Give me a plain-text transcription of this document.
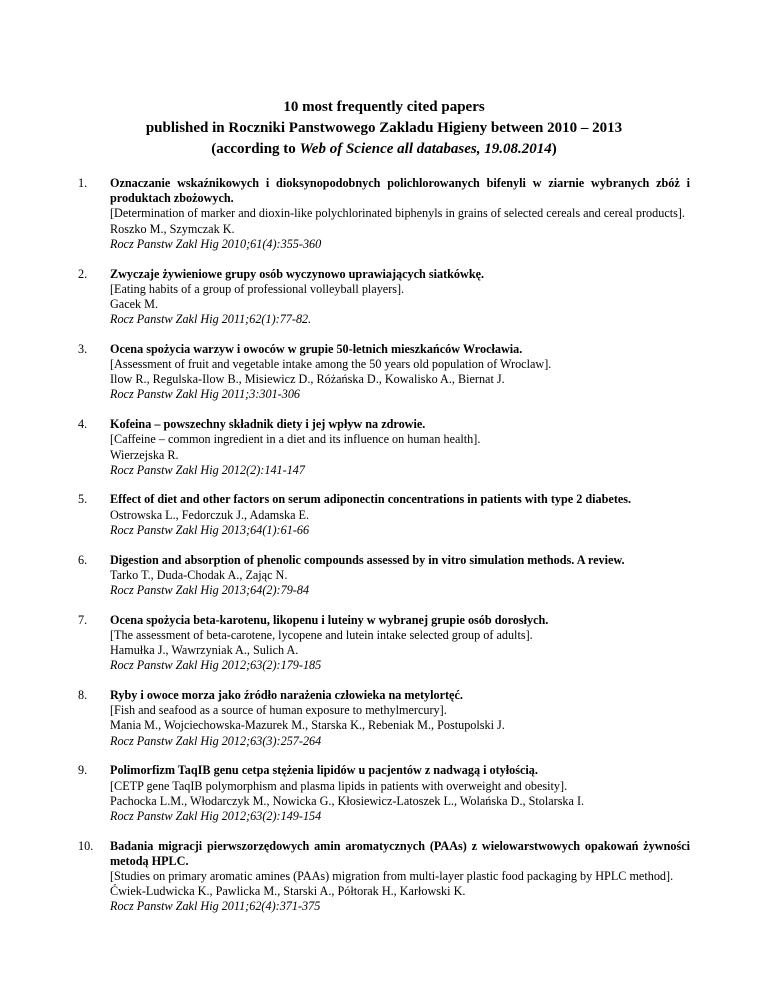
10 most frequently cited papers
published in Roczniki Panstwowego Zakladu Higieny between 2010 – 2013
(according to Web of Science all databases, 19.08.2014)
1. Oznaczanie wskaźnikowych i dioksynopodobnych polichlorowanych bifenyli w ziarnie wybranych zbóż i produktach zbożowych.
[Determination of marker and dioxin-like polychlorinated biphenyls in grains of selected cereals and cereal products].
Roszko M., Szymczak K.
Rocz Panstw Zakl Hig 2010;61(4):355-360
2. Zwyczaje żywieniowe grupy osób wyczynowo uprawiających siatkówkę.
[Eating habits of a group of professional volleyball players].
Gacek M.
Rocz Panstw Zakl Hig 2011;62(1):77-82.
3. Ocena spożycia warzyw i owoców w grupie 50-letnich mieszkańców Wrocławia.
[Assessment of fruit and vegetable intake among the 50 years old population of Wroclaw].
Ilow R., Regulska-Ilow B., Misiewicz D., Różańska D., Kowalisko A., Biernat J.
Rocz Panstw Zakl Hig 2011;3:301-306
4. Kofeina – powszechny składnik diety i jej wpływ na zdrowie.
[Caffeine – common ingredient in a diet and its influence on human health].
Wierzejska R.
Rocz Panstw Zakl Hig 2012(2):141-147
5. Effect of diet and other factors on serum adiponectin concentrations in patients with type 2 diabetes.
Ostrowska L., Fedorczuk J., Adamska E.
Rocz Panstw Zakl Hig 2013;64(1):61-66
6. Digestion and absorption of phenolic compounds assessed by in vitro simulation methods. A review.
Tarko T., Duda-Chodak A., Zając N.
Rocz Panstw Zakl Hig 2013;64(2):79-84
7. Ocena spożycia beta-karotenu, likopenu i luteiny w wybranej grupie osób dorosłych.
[The assessment of beta-carotene, lycopene and lutein intake selected group of adults].
Hamułka J., Wawrzyniak A., Sulich A.
Rocz Panstw Zakl Hig 2012;63(2):179-185
8. Ryby i owoce morza jako źródło narażenia człowieka na metylortęć.
[Fish and seafood as a source of human exposure to methylmercury].
Mania M., Wojciechowska-Mazurek M., Starska K., Rebeniak M., Postupolski J.
Rocz Panstw Zakl Hig 2012;63(3):257-264
9. Polimorfizm TaqIB genu cetpa stężenia lipidów u pacjentów z nadwagą i otyłością.
[CETP gene TaqIB polymorphism and plasma lipids in patients with overweight and obesity].
Pachocka L.M., Włodarczyk M., Nowicka G., Kłosiewicz-Latoszek L., Wolańska D., Stolarska I.
Rocz Panstw Zakl Hig 2012;63(2):149-154
10. Badania migracji pierwszorzędowych amin aromatycznych (PAAs) z wielowarstwowych opakowań żywności metodą HPLC.
[Studies on primary aromatic amines (PAAs) migration from multi-layer plastic food packaging by HPLC method].
Ćwiek-Ludwicka K., Pawlicka M., Starski A., Półtorak H., Karłowski K.
Rocz Panstw Zakl Hig 2011;62(4):371-375
